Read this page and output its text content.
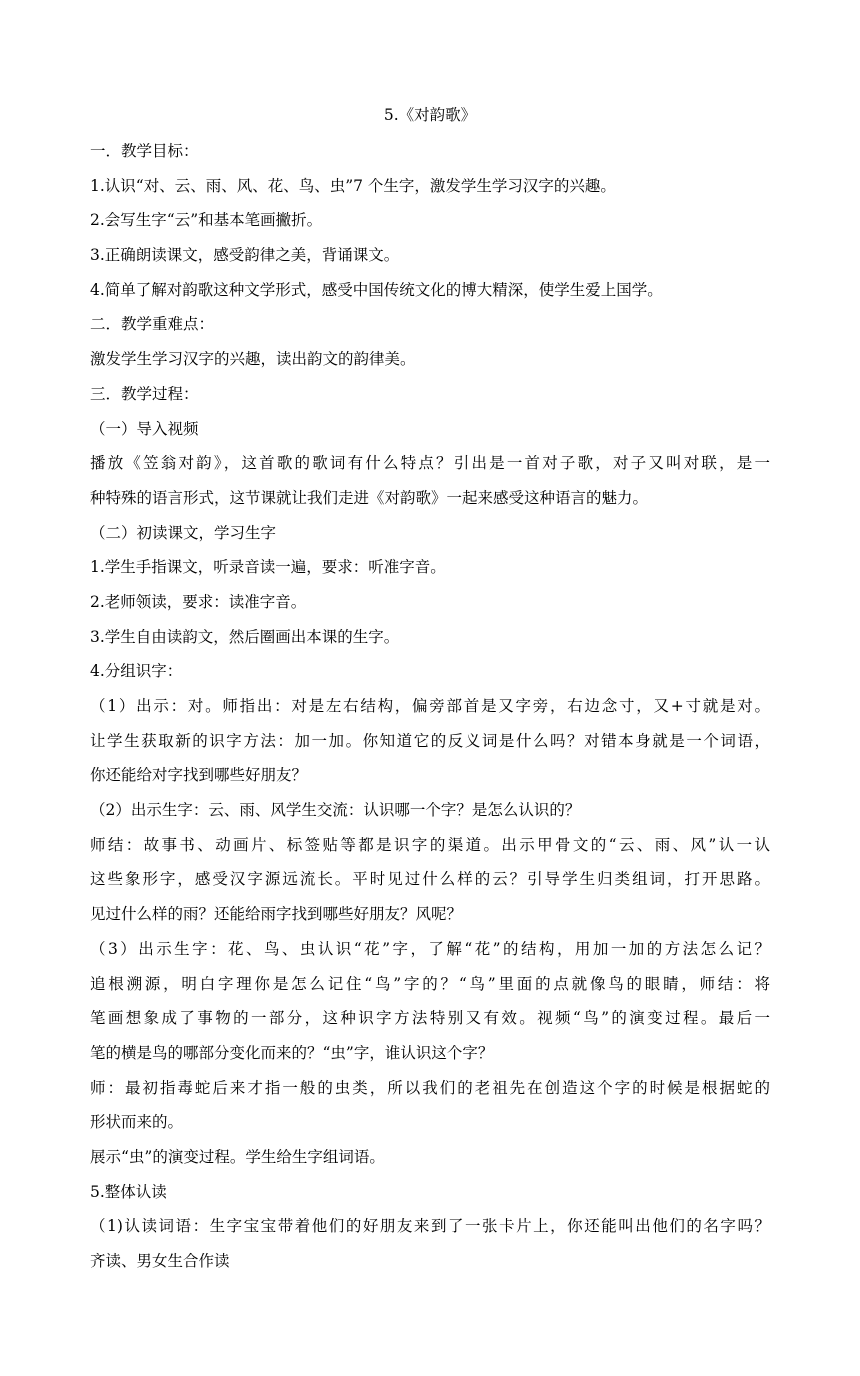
5.《对韵歌》
一．教学目标：
1.认识“对、云、雨、风、花、鸟、虫”7 个生字，激发学生学习汉字的兴趣。
2.会写生字“云”和基本笔画撇折。
3.正确朗读课文，感受韵律之美，背诵课文。
4.简单了解对韵歌这种文学形式，感受中国传统文化的博大精深，使学生爱上国学。
二．教学重难点：
激发学生学习汉字的兴趣，读出韵文的韵律美。
三．教学过程：
（一）导入视频
播放《笠翁对韵》，这首歌的歌词有什么特点？引出是一首对子歌，对子又叫对联，是一
种特殊的语言形式，这节课就让我们走进《对韵歌》一起来感受这种语言的魅力。
（二）初读课文，学习生字
1.学生手指课文，听录音读一遍，要求：听准字音。
2.老师领读，要求：读准字音。
3.学生自由读韵文，然后圈画出本课的生字。
4.分组识字：
（1）出示：对。师指出：对是左右结构，偏旁部首是又字旁，右边念寸，又+寸就是对。
让学生获取新的识字方法：加一加。你知道它的反义词是什么吗？对错本身就是一个词语，
你还能给对字找到哪些好朋友？
（2）出示生字：云、雨、风学生交流：认识哪一个字？是怎么认识的？
师结：故事书、动画片、标签贴等都是识字的渠道。出示甲骨文的“云、雨、风”认一认
这些象形字，感受汉字源远流长。平时见过什么样的云？引导学生归类组词，打开思路。
见过什么样的雨？还能给雨字找到哪些好朋友？风呢？
（3）出示生字：花、鸟、虫认识“花”字，了解“花”的结构，用加一加的方法怎么记？
追根溯源，明白字理你是怎么记住“鸟”字的？“鸟”里面的点就像鸟的眼睛，师结：将
笔画想象成了事物的一部分，这种识字方法特别又有效。视频“鸟”的演变过程。最后一
笔的横是鸟的哪部分变化而来的？“虫”字，谁认识这个字？
师：最初指毒蛇后来才指一般的虫类，所以我们的老祖先在创造这个字的时候是根据蛇的
形状而来的。
展示“虫”的演变过程。学生给生字组词语。
5.整体认读
（1)认读词语：生字宝宝带着他们的好朋友来到了一张卡片上，你还能叫出他们的名字吗？
齐读、男女生合作读
